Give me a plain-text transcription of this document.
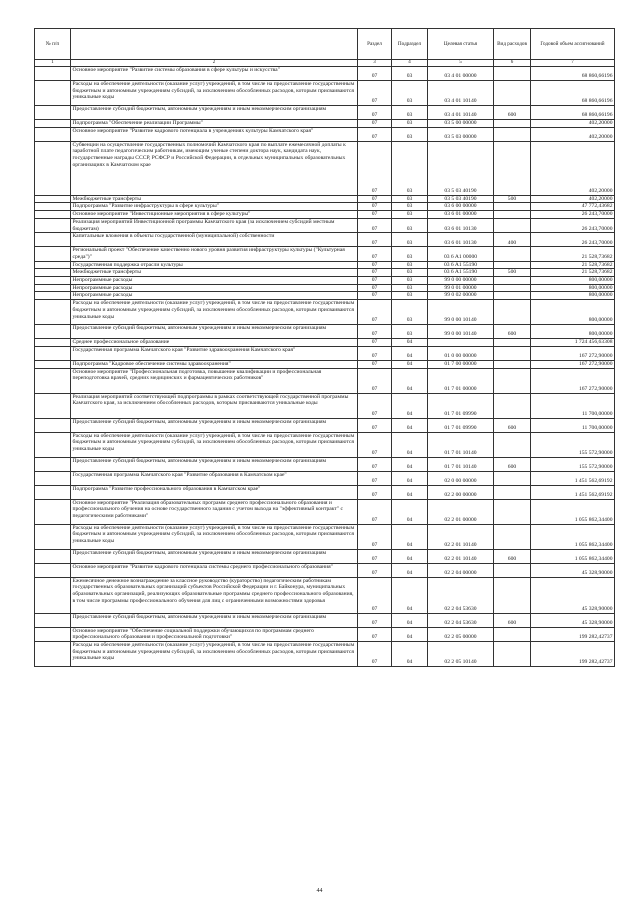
№ п/п		Раздел	Подраздел	Целевая статья	Вид расходов	Годовой объем ассигнований
1	2	3	4	5	6	7
	Основное мероприятие "Развитие системы образования в сфере культуры и искусства"	07	03	03 4 01 00000		68 860,66196
	Расходы на обеспечение деятельности (оказание услуг) учреждений, в том числе на предоставление государственным бюджетным и автономным учреждениям субсидий, за исключением обособленных расходов, которым присваиваются уникальные коды	07	03	03 4 01 10140		68 860,66196
	Предоставление субсидий бюджетным, автономным учреждениям и иным некоммерческим организациям	07	03	03 4 01 10140	600	68 860,66196
	Подпрограмма "Обеспечение реализации Программы"	07	03	03 5 00 00000		402,20000
	Основное мероприятие "Развитие кадрового потенциала в учреждениях культуры Камчатского края"	07	03	03 5 03 00000		402,20000
	Субвенции на осуществление государственных полномочий Камчатского края по выплате ежемесячной доплаты к заработной плате педагогическим работникам, имеющим ученые степени доктора наук, кандидата наук, государственные награды СССР, РСФСР и Российской Федерации, в отдельных муниципальных образовательных организациях в Камчатском крае	07	03	03 5 03 40190		402,20000
	Межбюджетные трансферты	07	03	03 5 03 40190	500	402,20000
	Подпрограмма "Развитие инфраструктуры в сфере культуры"	07	03	03 6 00 00000		47 772,43682
	Основное мероприятие "Инвестиционные мероприятия в сфере культуры"	07	03	03 6 01 00000		26 243,70000
	Реализация мероприятий Инвестиционной программы Камчатского края (за исключением субсидий местным бюджетам)	07	03	03 6 01 10130		26 243,70000
	Капитальные вложения в объекты государственной (муниципальной) собственности	07	03	03 6 01 10130	400	26 243,70000
	Региональный проект "Обеспечение качественно нового уровня развития инфраструктуры культуры ("Культурная среда")"	07	03	03 6 A1 00000		21 528,73682
	Государственная поддержка отрасли культуры	07	03	03 6 A1 55190		21 528,73682
	Межбюджетные трансферты	07	03	03 6 A1 55190	500	21 528,73682
	Непрограммные расходы	07	03	99 0 00 00000		800,00000
	Непрограммные расходы	07	03	99 0 01 00000		800,00000
	Непрограммные расходы	07	03	99 0 02 00000		800,00000
	Расходы на обеспечение деятельности (оказание услуг) учреждений, в том числе на предоставление государственным бюджетным и автономным учреждениям субсидий, за исключением обособленных расходов, которым присваиваются уникальные коды	07	03	99 0 00 10140		800,00000
	Предоставление субсидий бюджетным, автономным учреждениям и иным некоммерческим организациям	07	03	99 0 00 10140	600	800,00000
	Среднее профессиональное образование	07	04			1 724 456,63308
	Государственная программа Камчатского края "Развитие здравоохранения Камчатского края"	07	04	01 0 00 00000		167 272,90000
	Подпрограмма "Кадровое обеспечение системы здравоохранения"	07	04	01 7 00 00000		167 272,90000
	Основное мероприятие "Профессиональная подготовка, повышение квалификации и профессиональная переподготовка врачей, средних медицинских и фармацевтических работников"	07	04	01 7 01 00000		167 272,90000
	Реализация мероприятий соответствующей подпрограммы в рамках соответствующей государственной программы Камчатского края, за исключением обособленных расходов, которым присваиваются уникальные коды	07	04	01 7 01 09990		11 700,00000
	Предоставление субсидий бюджетным, автономным учреждениям и иным некоммерческим организациям	07	04	01 7 01 09990	600	11 700,00000
	Расходы на обеспечение деятельности (оказание услуг) учреждений, в том числе на предоставление государственным бюджетным и автономным учреждениям субсидий, за исключением обособленных расходов, которым присваиваются уникальные коды	07	04	01 7 01 10140		155 572,90000
	Предоставление субсидий бюджетным, автономным учреждениям и иным некоммерческим организациям	07	04	01 7 01 10140	600	155 572,90000
	Государственная программа Камчатского края "Развитие образования в Камчатском крае"	07	04	02 0 00 00000		1 451 562,69192
	Подпрограмма "Развитие профессионального образования в Камчатском крае"	07	04	02 2 00 00000		1 451 562,69192
	Основное мероприятие "Реализация образовательных программ среднего профессионального образования и профессионального обучения на основе государственного задания с учетом выхода на "эффективный контракт" с педагогическими работниками"	07	04	02 2 01 00000		1 055 862,34400
	Расходы на обеспечение деятельности (оказание услуг) учреждений, в том числе на предоставление государственным бюджетным и автономным учреждениям субсидий, за исключением обособленных расходов, которым присваиваются уникальные коды	07	04	02 2 01 10140		1 055 862,34400
	Предоставление субсидий бюджетным, автономным учреждениям и иным некоммерческим организациям	07	04	02 2 01 10140	600	1 055 862,34400
	Основное мероприятие "Развитие кадрового потенциала системы среднего профессионального образования"	07	04	02 2 04 00000		45 328,90000
	Ежемесячное денежное вознаграждение за классное руководство (кураторство) педагогическим работникам государственных образовательных организаций субъектов Российской Федерации и г. Байконура, муниципальных образовательных организаций, реализующих образовательные программы среднего профессионального образования, в том числе программы профессионального обучения для лиц с ограниченными возможностями здоровья	07	04	02 2 04 53630		45 328,90000
	Предоставление субсидий бюджетным, автономным учреждениям и иным некоммерческим организациям	07	04	02 2 04 53630	600	45 328,90000
	Основное мероприятие "Обеспечение социальной поддержки обучающихся по программам среднего профессионального образования и профессиональной подготовки"	07	04	02 2 05 00000		199 282,42737
	Расходы на обеспечение деятельности (оказание услуг) учреждений, в том числе на предоставление государственным бюджетным и автономным учреждениям субсидий, за исключением обособленных расходов, которым присваиваются уникальные коды	07	04	02 2 05 10140		199 282,42737
44
